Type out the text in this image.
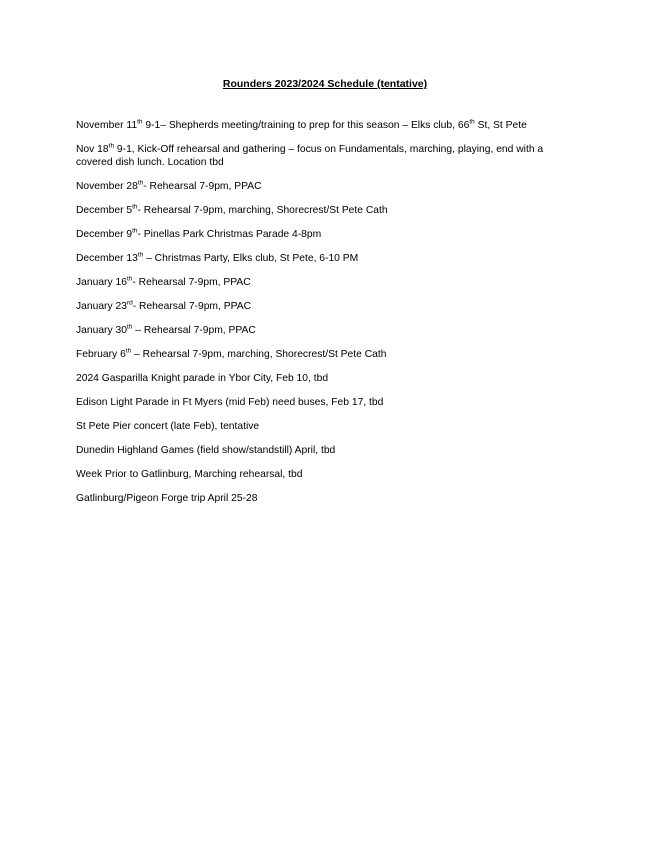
Rounders 2023/2024 Schedule (tentative)
November 11th 9-1– Shepherds meeting/training to prep for this season – Elks club, 66th St, St Pete
Nov 18th 9-1, Kick-Off rehearsal and gathering – focus on Fundamentals, marching, playing, end with a covered dish lunch. Location tbd
November 28th- Rehearsal 7-9pm, PPAC
December 5th- Rehearsal 7-9pm, marching, Shorecrest/St Pete Cath
December 9th- Pinellas Park Christmas Parade 4-8pm
December 13th – Christmas Party, Elks club, St Pete, 6-10 PM
January 16th- Rehearsal 7-9pm, PPAC
January 23rd- Rehearsal 7-9pm, PPAC
January 30th – Rehearsal 7-9pm, PPAC
February 6th – Rehearsal 7-9pm, marching, Shorecrest/St Pete Cath
2024 Gasparilla Knight parade in Ybor City, Feb 10, tbd
Edison Light Parade in Ft Myers (mid Feb) need buses, Feb 17, tbd
St Pete Pier concert (late Feb), tentative
Dunedin Highland Games (field show/standstill) April, tbd
Week Prior to Gatlinburg, Marching rehearsal, tbd
Gatlinburg/Pigeon Forge trip April 25-28
